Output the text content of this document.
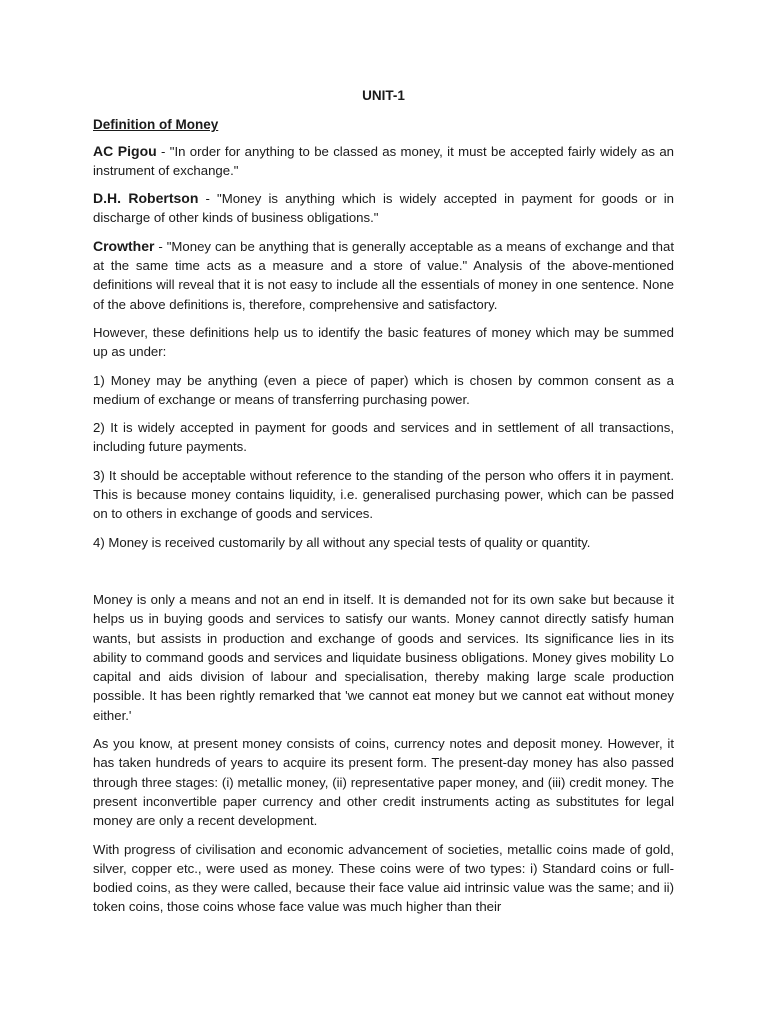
UNIT-1
Definition of Money

AC Pigou - "In order for anything to be classed as money, it must be accepted fairly widely as an instrument of exchange."

D.H. Robertson - "Money is anything which is widely accepted in payment for goods or in discharge of other kinds of business obligations."

Crowther - "Money can be anything that is generally acceptable as a means of exchange and that at the same time acts as a measure and a store of value." Analysis of the above-mentioned definitions will reveal that it is not easy to include all the essentials of money in one sentence. None of the above definitions is, therefore, comprehensive and satisfactory.

However, these definitions help us to identify the basic features of money which may be summed up as under:

1) Money may be anything (even a piece of paper) which is chosen by common consent as a medium of exchange or means of transferring purchasing power.

2) It is widely accepted in payment for goods and services and in settlement of all transactions, including future payments.

3) It should be acceptable without reference to the standing of the person who offers it in payment. This is because money contains liquidity, i.e. generalised purchasing power, which can be passed on to others in exchange of goods and services.

4) Money is received customarily by all without any special tests of quality or quantity.

Money is only a means and not an end in itself. It is demanded not for its own sake but because it helps us in buying goods and services to satisfy our wants. Money cannot directly satisfy human wants, but assists in production and exchange of goods and services. Its significance lies in its ability to command goods and services and liquidate business obligations. Money gives mobility Lo capital and aids division of labour and specialisation, thereby making large scale production possible. It has been rightly remarked that 'we cannot eat money but we cannot eat without money either.'

As you know, at present money consists of coins, currency notes and deposit money. However, it has taken hundreds of years to acquire its present form. The present-day money has also passed through three stages: (i) metallic money, (ii) representative paper money, and (iii) credit money. The present inconvertible paper currency and other credit instruments acting as substitutes for legal money are only a recent development.

With progress of civilisation and economic advancement of societies, metallic coins made of gold, silver, copper etc., were used as money. These coins were of two types: i) Standard coins or full-bodied coins, as they were called, because their face value aid intrinsic value was the same; and ii) token coins, those coins whose face value was much higher than their
